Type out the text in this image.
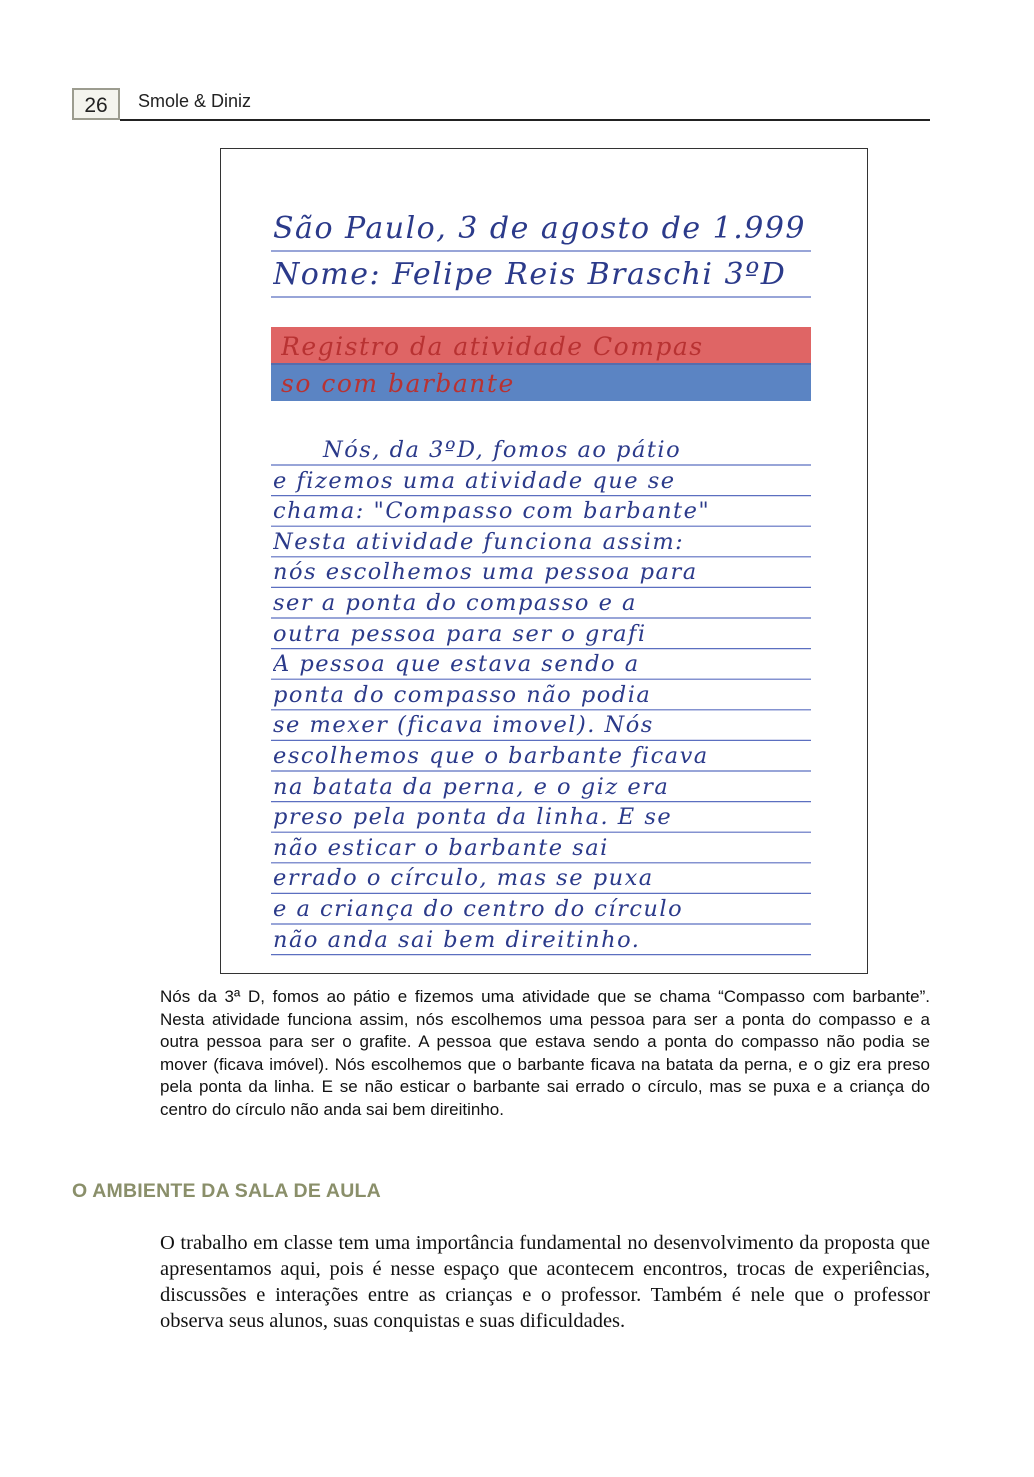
26	Smole & Diniz
São Paulo, 3 de agosto de 1.999
Nome: Felipe Reis Braschi 3ºD
Registro da atividade Compas
so com barbante
Nós, da 3ºD, fomos ao pátio
e fizemos uma atividade que se
chama: "Compasso com barbante"
Nesta atividade funciona assim:
nós escolhemos uma pessoa para
ser a ponta do compasso e a
outra pessoa para ser o grafi
A pessoa que estava sendo a
ponta do compasso não podia
se mexer (ficava imovel). Nós
escolhemos que o barbante ficava
na batata da perna, e o giz era
preso pela ponta da linha. E se
não esticar o barbante sai
errado o círculo, mas se puxa
e a criança do centro do círculo
não anda sai bem direitinho.

Nós da 3ª D, fomos ao pátio e fizemos uma atividade que se chama “Compasso com barbante”. Nesta atividade funciona assim, nós escolhemos uma pessoa para ser a ponta do compasso e a outra pessoa para ser o grafite. A pessoa que estava sendo a ponta do compasso não podia se mover (ficava imóvel). Nós escolhemos que o barbante ficava na batata da perna, e o giz era preso pela ponta da linha. E se não esticar o barbante sai errado o círculo, mas se puxa e a criança do centro do círculo não anda sai bem direitinho.

O AMBIENTE DA SALA DE AULA

O trabalho em classe tem uma importância fundamental no desenvolvimento da proposta que apresentamos aqui, pois é nesse espaço que acontecem encontros, trocas de experiências, discussões e interações entre as crianças e o professor. Também é nele que o professor observa seus alunos, suas conquistas e suas dificuldades.
